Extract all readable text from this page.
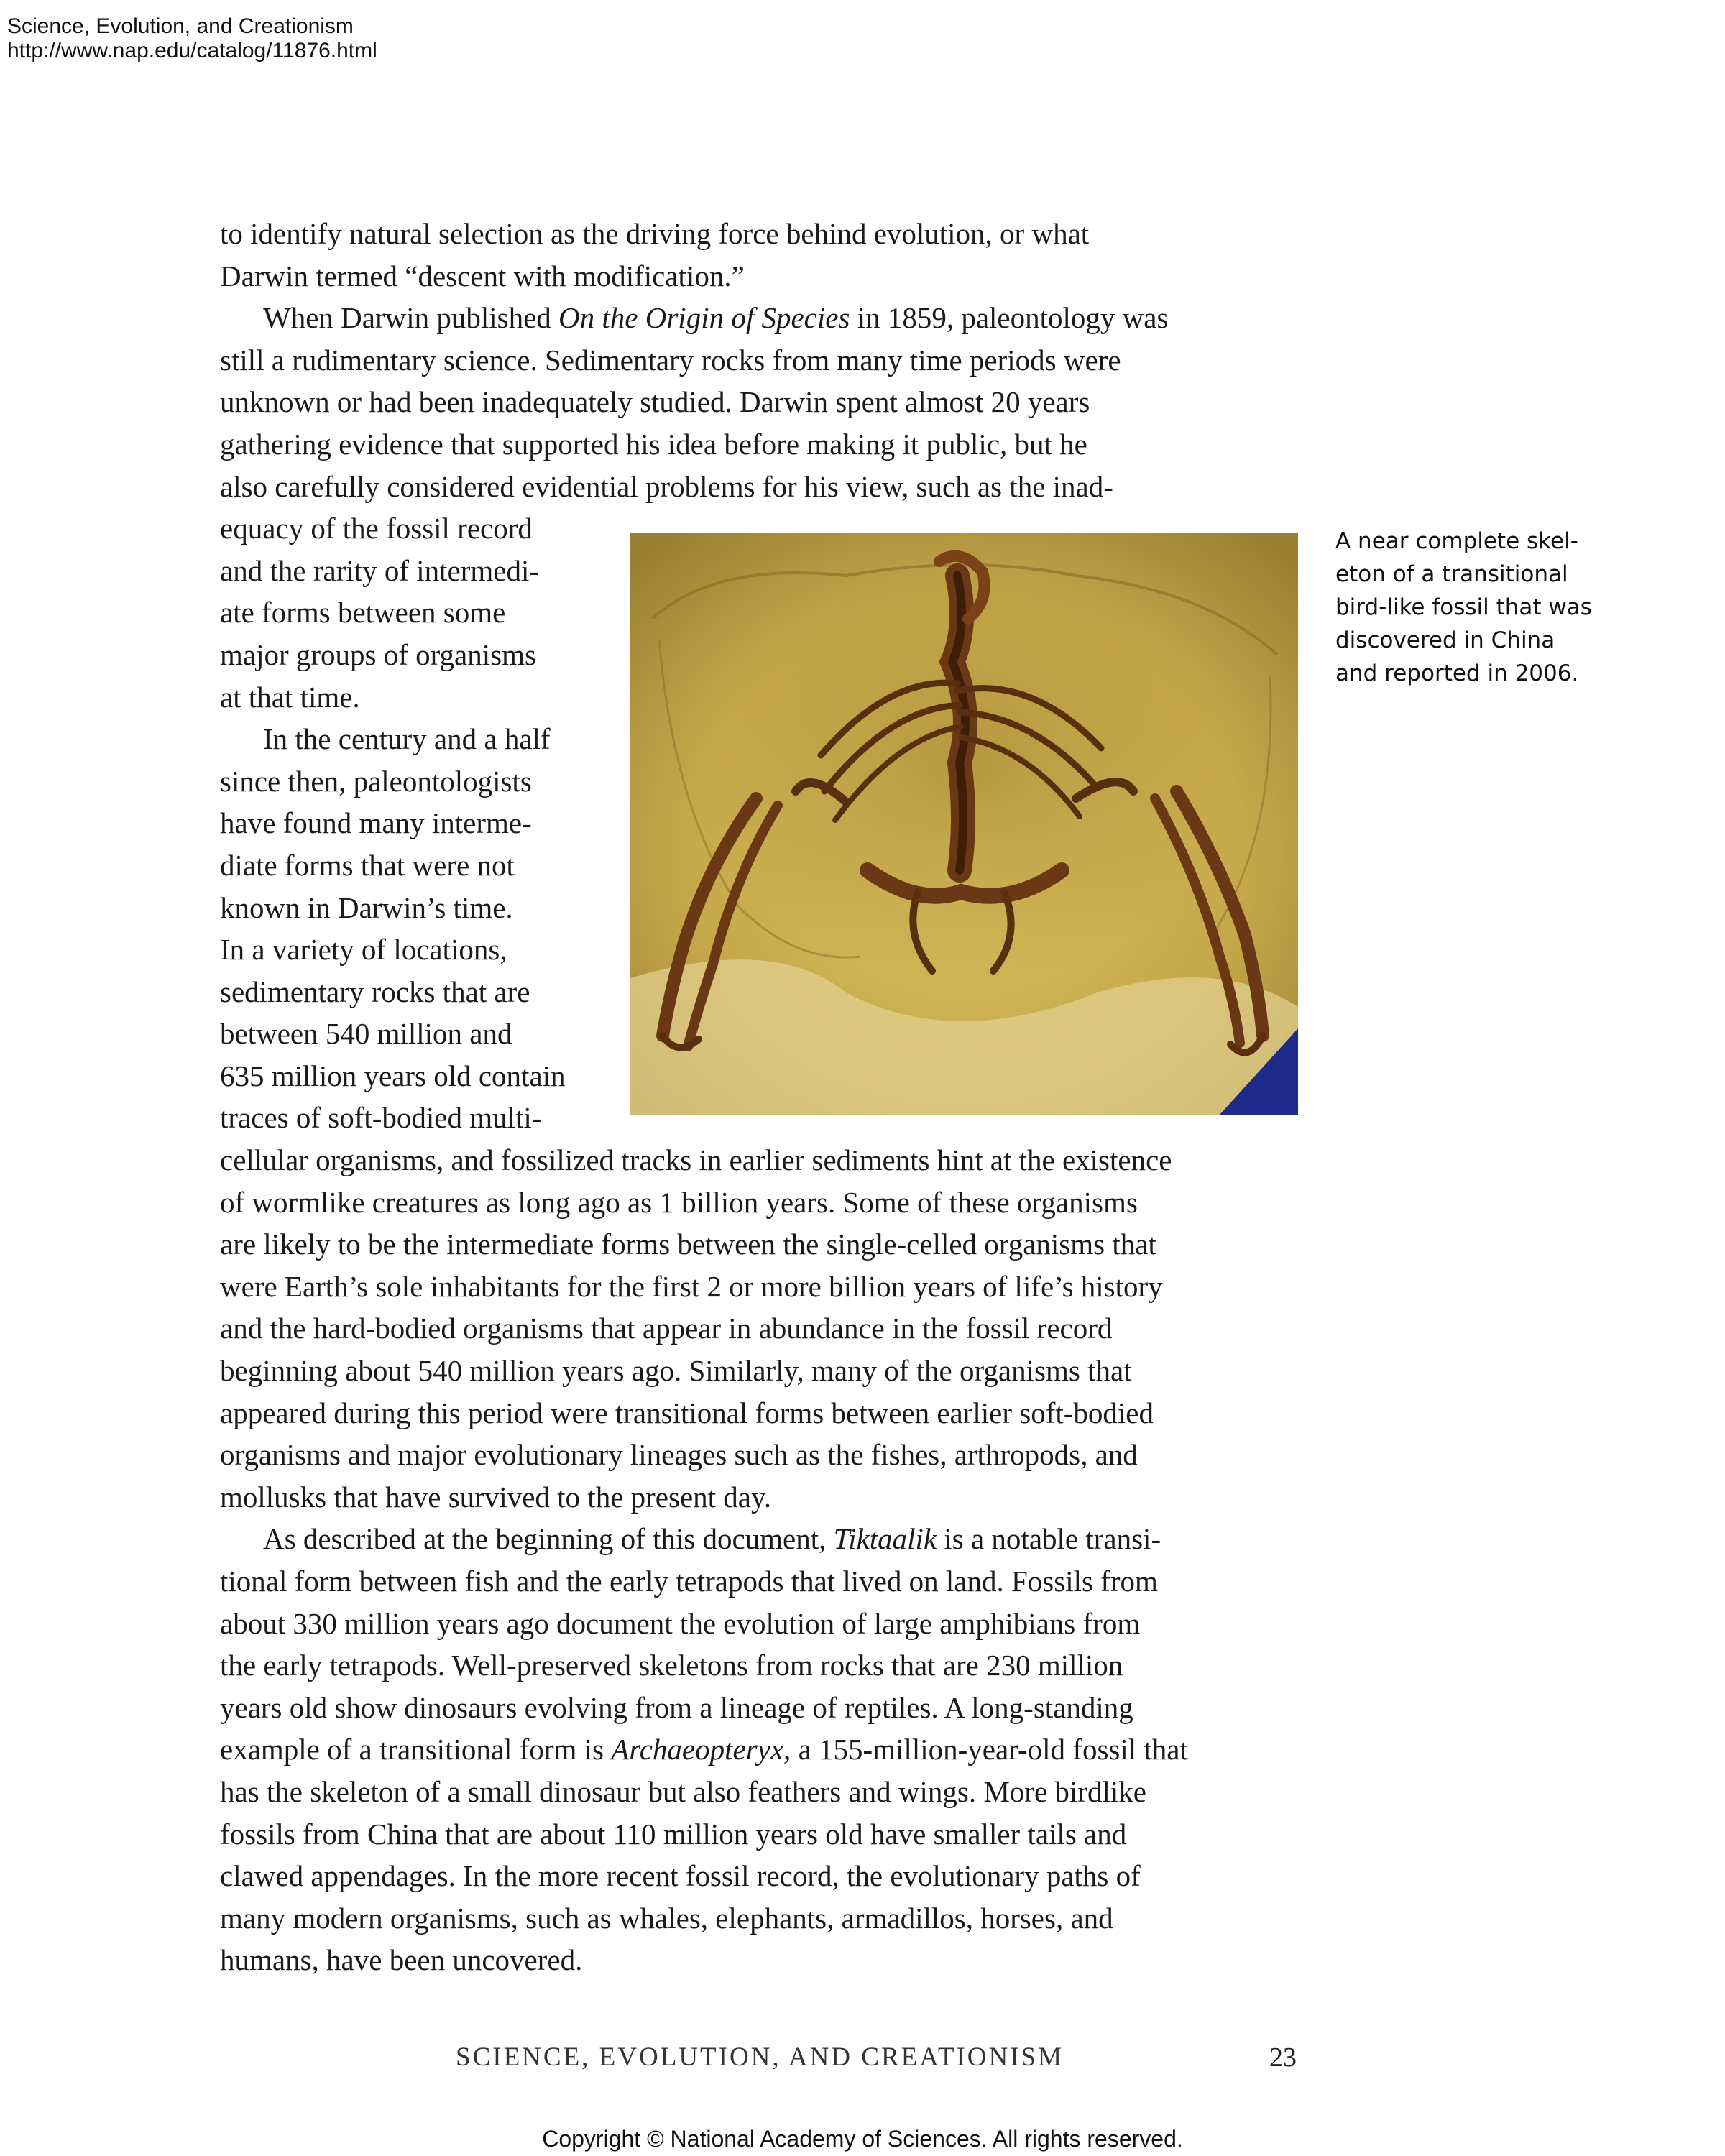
Science, Evolution, and Creationism
http://www.nap.edu/catalog/11876.html
to identify natural selection as the driving force behind evolution, or what
Darwin termed “descent with modification.”
When Darwin published On the Origin of Species in 1859, paleontology was
still a rudimentary science. Sedimentary rocks from many time periods were
unknown or had been inadequately studied. Darwin spent almost 20 years
gathering evidence that supported his idea before making it public, but he
also carefully considered evidential problems for his view, such as the inad-
equacy of the fossil record
and the rarity of intermedi-
ate forms between some
major groups of organisms
at that time.
In the century and a half
since then, paleontologists
have found many interme-
diate forms that were not
known in Darwin’s time.
In a variety of locations,
sedimentary rocks that are
between 540 million and
635 million years old contain
traces of soft-bodied multi-
cellular organisms, and fossilized tracks in earlier sediments hint at the existence
of wormlike creatures as long ago as 1 billion years. Some of these organisms
are likely to be the intermediate forms between the single-celled organisms that
were Earth’s sole inhabitants for the first 2 or more billion years of life’s history
and the hard-bodied organisms that appear in abundance in the fossil record
beginning about 540 million years ago. Similarly, many of the organisms that
appeared during this period were transitional forms between earlier soft-bodied
organisms and major evolutionary lineages such as the fishes, arthropods, and
mollusks that have survived to the present day.
As described at the beginning of this document, Tiktaalik is a notable transi-
tional form between fish and the early tetrapods that lived on land. Fossils from
about 330 million years ago document the evolution of large amphibians from
the early tetrapods. Well-preserved skeletons from rocks that are 230 million
years old show dinosaurs evolving from a lineage of reptiles. A long-standing
example of a transitional form is Archaeopteryx, a 155-million-year-old fossil that
has the skeleton of a small dinosaur but also feathers and wings. More birdlike
fossils from China that are about 110 million years old have smaller tails and
clawed appendages. In the more recent fossil record, the evolutionary paths of
many modern organisms, such as whales, elephants, armadillos, horses, and
humans, have been uncovered.
A near complete skel-
eton of a transitional
bird-like fossil that was
discovered in China
and reported in 2006.
SCIENCE, EVOLUTION, AND CREATIONISM	23
Copyright © National Academy of Sciences. All rights reserved.
